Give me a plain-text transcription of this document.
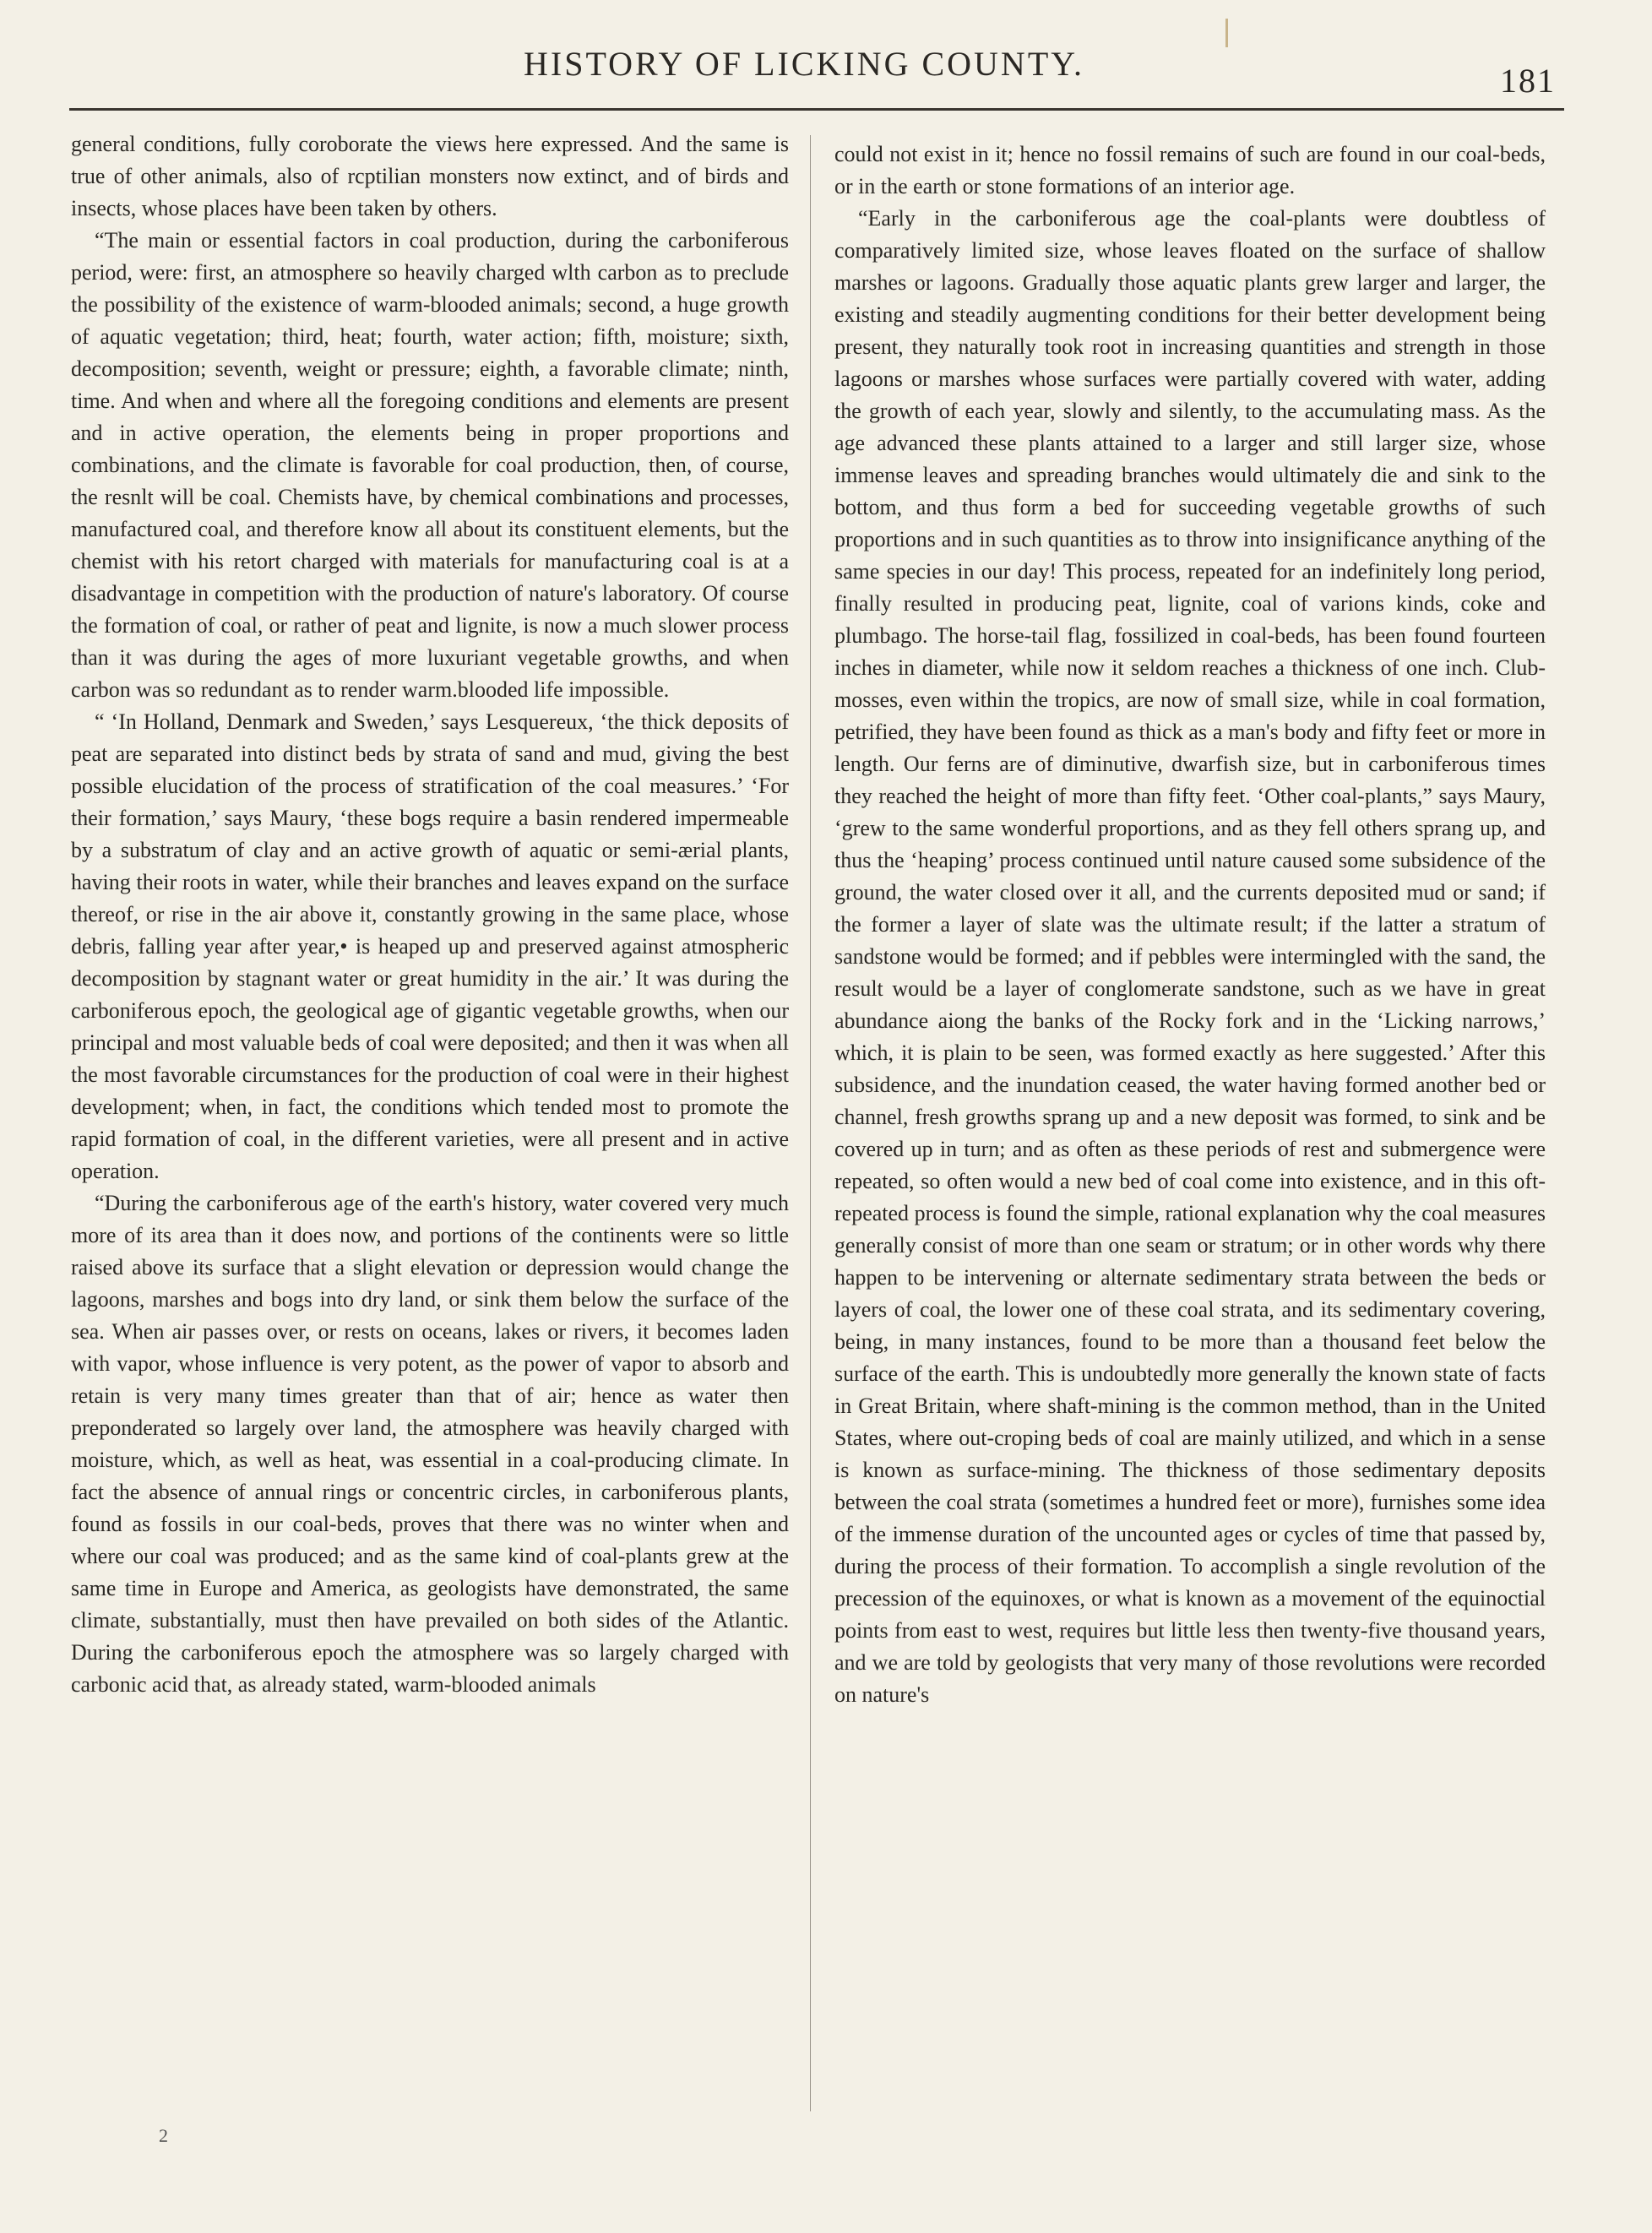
HISTORY OF LICKING COUNTY.	181

general conditions, fully coroborate the views here expressed. And the same is true of other animals, also of rcptilian monsters now extinct, and of birds and insects, whose places have been taken by others.

“The main or essential factors in coal production, during the carboniferous period, were: first, an atmosphere so heavily charged wlth carbon as to preclude the possibility of the existence of warm-blooded animals; second, a huge growth of aquatic vegetation; third, heat; fourth, water action; fifth, moisture; sixth, decomposition; seventh, weight or pressure; eighth, a favorable climate; ninth, time. And when and where all the foregoing conditions and elements are present and in active operation, the elements being in proper proportions and combinations, and the climate is favorable for coal production, then, of course, the resnlt will be coal. Chemists have, by chemical combinations and processes, manufactured coal, and therefore know all about its constituent elements, but the chemist with his retort charged with materials for manufacturing coal is at a disadvantage in competition with the production of nature's laboratory. Of course the formation of coal, or rather of peat and lignite, is now a much slower process than it was during the ages of more luxuriant vegetable growths, and when carbon was so redundant as to render warm.blooded life impossible.

“ ‘In Holland, Denmark and Sweden,’ says Lesquereux, ‘the thick deposits of peat are separated into distinct beds by strata of sand and mud, giving the best possible elucidation of the process of stratification of the coal measures.’ ‘For their formation,’ says Maury, ‘these bogs require a basin rendered impermeable by a substratum of clay and an active growth of aquatic or semi-ærial plants, having their roots in water, while their branches and leaves expand on the surface thereof, or rise in the air above it, constantly growing in the same place, whose debris, falling year after year,• is heaped up and preserved against atmospheric decomposition by stagnant water or great humidity in the air.’ It was during the carboniferous epoch, the geological age of gigantic vegetable growths, when our principal and most valuable beds of coal were deposited; and then it was when all the most favorable circumstances for the production of coal were in their highest development; when, in fact, the conditions which tended most to promote the rapid formation of coal, in the different varieties, were all present and in active operation.

“During the carboniferous age of the earth's history, water covered very much more of its area than it does now, and portions of the continents were so little raised above its surface that a slight elevation or depression would change the lagoons, marshes and bogs into dry land, or sink them below the surface of the sea. When air passes over, or rests on oceans, lakes or rivers, it becomes laden with vapor, whose influence is very potent, as the power of vapor to absorb and retain is very many times greater than that of air; hence as water then preponderated so largely over land, the atmosphere was heavily charged with moisture, which, as well as heat, was essential in a coal-producing climate. In fact the absence of annual rings or concentric circles, in carboniferous plants, found as fossils in our coal-beds, proves that there was no winter when and where our coal was produced; and as the same kind of coal-plants grew at the same time in Europe and America, as geologists have demonstrated, the same climate, substantially, must then have prevailed on both sides of the Atlantic. During the carboniferous epoch the atmosphere was so largely charged with carbonic acid that, as already stated, warm-blooded animals

could not exist in it; hence no fossil remains of such are found in our coal-beds, or in the earth or stone formations of an interior age.

“Early in the carboniferous age the coal-plants were doubtless of comparatively limited size, whose leaves floated on the surface of shallow marshes or lagoons. Gradually those aquatic plants grew larger and larger, the existing and steadily augmenting conditions for their better development being present, they naturally took root in increasing quantities and strength in those lagoons or marshes whose surfaces were partially covered with water, adding the growth of each year, slowly and silently, to the accumulating mass. As the age advanced these plants attained to a larger and still larger size, whose immense leaves and spreading branches would ultimately die and sink to the bottom, and thus form a bed for succeeding vegetable growths of such proportions and in such quantities as to throw into insignificance anything of the same species in our day! This process, repeated for an indefinitely long period, finally resulted in producing peat, lignite, coal of varions kinds, coke and plumbago. The horse-tail flag, fossilized in coal-beds, has been found fourteen inches in diameter, while now it seldom reaches a thickness of one inch. Club-mosses, even within the tropics, are now of small size, while in coal formation, petrified, they have been found as thick as a man's body and fifty feet or more in length. Our ferns are of diminutive, dwarfish size, but in carboniferous times they reached the height of more than fifty feet. ‘Other coal-plants,” says Maury, ‘grew to the same wonderful proportions, and as they fell others sprang up, and thus the ‘heaping’ process continued until nature caused some subsidence of the ground, the water closed over it all, and the currents deposited mud or sand; if the former a layer of slate was the ultimate result; if the latter a stratum of sandstone would be formed; and if pebbles were intermingled with the sand, the result would be a layer of conglomerate sandstone, such as we have in great abundance aiong the banks of the Rocky fork and in the ‘Licking narrows,’ which, it is plain to be seen, was formed exactly as here suggested.’ After this subsidence, and the inundation ceased, the water having formed another bed or channel, fresh growths sprang up and a new deposit was formed, to sink and be covered up in turn; and as often as these periods of rest and submergence were repeated, so often would a new bed of coal come into existence, and in this oft-repeated process is found the simple, rational explanation why the coal measures generally consist of more than one seam or stratum; or in other words why there happen to be intervening or alternate sedimentary strata between the beds or layers of coal, the lower one of these coal strata, and its sedimentary covering, being, in many instances, found to be more than a thousand feet below the surface of the earth. This is undoubtedly more generally the known state of facts in Great Britain, where shaft-mining is the common method, than in the United States, where out-croping beds of coal are mainly utilized, and which in a sense is known as surface-mining. The thickness of those sedimentary deposits between the coal strata (sometimes a hundred feet or more), furnishes some idea of the immense duration of the uncounted ages or cycles of time that passed by, during the process of their formation. To accomplish a single revolution of the precession of the equinoxes, or what is known as a movement of the equinoctial points from east to west, requires but little less then twenty-five thousand years, and we are told by geologists that very many of those revolutions were recorded on nature's

2
